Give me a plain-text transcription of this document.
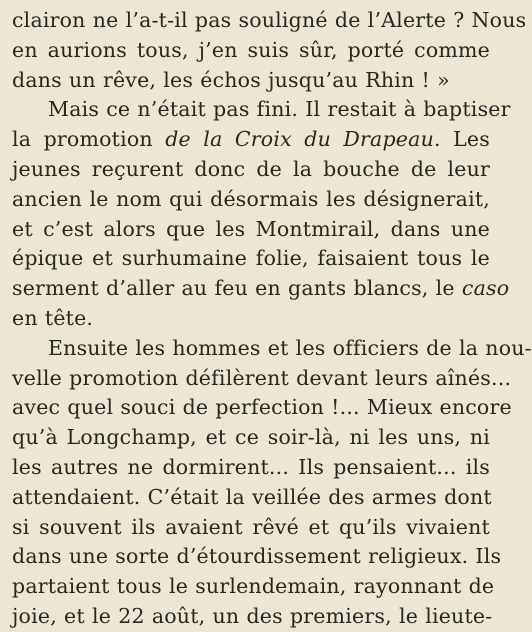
clairon ne l’a-t-il pas souligné de l’Alerte ? Nous
en aurions tous, j’en suis sûr, porté comme
dans un rêve, les échos jusqu’au Rhin ! »
Mais ce n’était pas fini. Il restait à baptiser
la promotion de la Croix du Drapeau. Les
jeunes reçurent donc de la bouche de leur
ancien le nom qui désormais les désignerait,
et c’est alors que les Montmirail, dans une
épique et surhumaine folie, faisaient tous le
serment d’aller au feu en gants blancs, le caso
en tête.
Ensuite les hommes et les officiers de la nou-
velle promotion défilèrent devant leurs aînés...
avec quel souci de perfection !... Mieux encore
qu’à Longchamp, et ce soir-là, ni les uns, ni
les autres ne dormirent... Ils pensaient... ils
attendaient. C’était la veillée des armes dont
si souvent ils avaient rêvé et qu’ils vivaient
dans une sorte d’étourdissement religieux. Ils
partaient tous le surlendemain, rayonnant de
joie, et le 22 août, un des premiers, le lieute-
